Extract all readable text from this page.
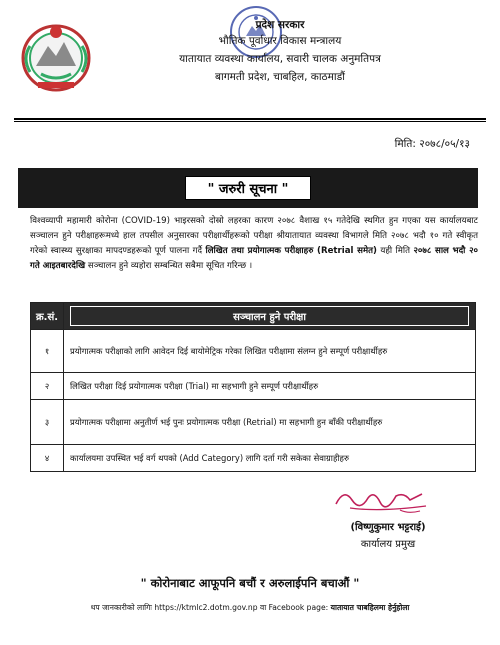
प्रदेश सरकार
भौतिक पूर्वाधार विकास मन्त्रालय
यातायात व्यवस्था कार्यालय, सवारी चालक अनुमतिपत्र
बागमती प्रदेश, चाबहिल, काठमाडौं
मिति: २०७८/०५/१३
" जरुरी सूचना "
विश्वव्यापी महामारी कोरोना (COVID-19) भाइरसको दोस्रो लहरका कारण २०७८ वैशाख १५ गतेदेखि स्थगित हुन गएका यस कार्यालयबाट सञ्चालन हुने परीक्षाहरूमध्ये हाल तपसील अनुसारका परीक्षार्थीहरूको परीक्षा श्रीयातायात व्यवस्था विभागले मिति २०७८ भदौ १० गते स्वीकृत गरेको स्वास्थ्य सुरक्षाका मापदण्डहरूको पूर्ण पालना गर्दै लिखित तथा प्रयोगात्मक परीक्षाहरु (Retrial समेत) यही मिति २०७८ साल भदौ २० गते आइतबारदेखि सञ्चालन हुने व्यहोरा सम्बन्धित सबैमा सूचित गरिन्छ ।
क्र.सं.	सञ्चालन हुने परीक्षा

१	प्रयोगात्मक परीक्षाको लागि आवेदन दिई बायोमेट्रिक गरेका लिखित परीक्षामा संलग्न हुने सम्पूर्ण परीक्षार्थीहरु
२	लिखित परीक्षा दिई प्रयोगात्मक परीक्षा (Trial) मा सहभागी हुने सम्पूर्ण परीक्षार्थीहरु
३	प्रयोगात्मक परीक्षामा अनुतीर्ण भई पुनः प्रयोगात्मक परीक्षा (Retrial) मा सहभागी हुन बाँकी परीक्षार्थीहरु
४	कार्यालयमा उपस्थित भई वर्ग थपको (Add Category) लागि दर्ता गरी सकेका सेवाग्राहीहरु
(विष्णुकुमार भट्टराई)
कार्यालय प्रमुख
" कोरोनाबाट आफूपनि बचौं र अरुलाईपनि बचाऔं "
थप जानकारीको लागिः https://ktmlc2.dotm.gov.np वा Facebook page: यातायात चाबहिलमा हेर्नुहोला
